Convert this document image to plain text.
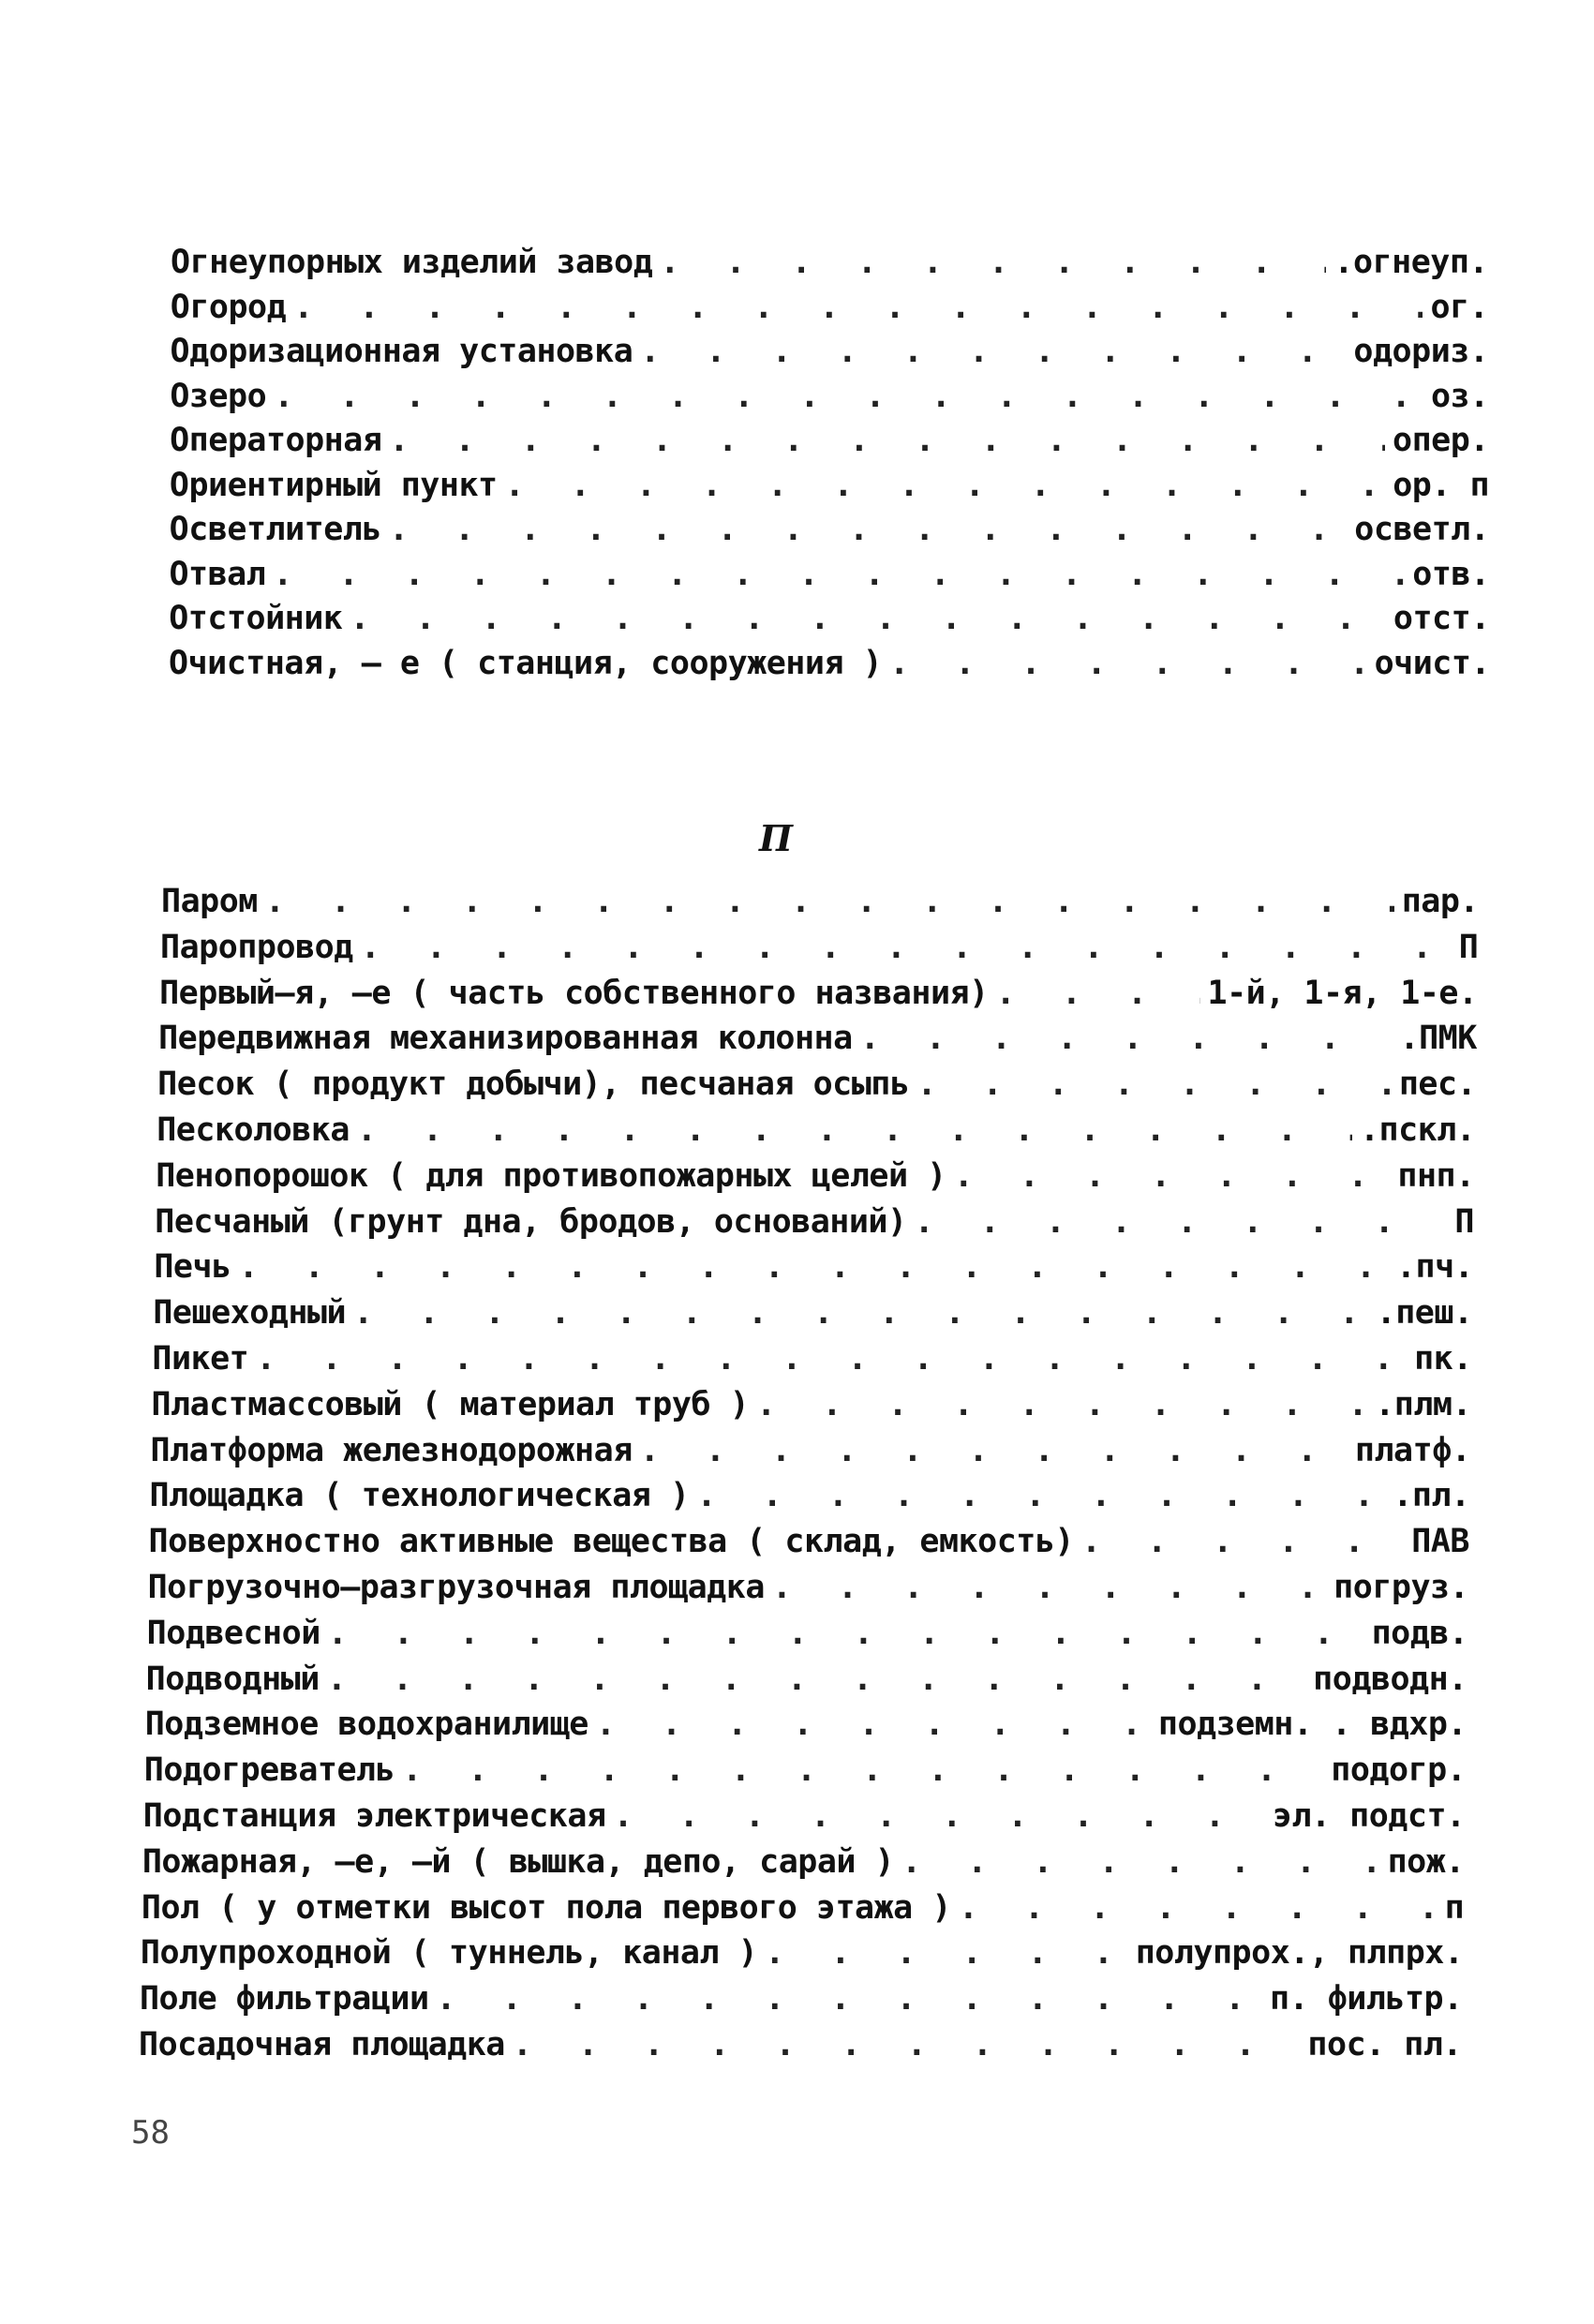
Огнеупорных изделий завод . . .	.огнеуп.
Огород . . .	ог.
Одоризационная установка . . .	одориз.
Озеро . . .	оз.
Операторная . . .	опер.
Ориентирный пункт . . .	ор. п
Осветлитель . . .	осветл.
Отвал . . .	отв.
Отстойник . . .	отст.
Очистная, – е ( станция, сооружения ) . . .	очист.
П
Паром . . .	пар.
Паропровод . . .	П
Первый–я, –е ( часть собственного названия) . . .	1-й, 1-я, 1-е.
Передвижная механизированная колонна . . .	.ПМК
Песок ( продукт добычи), песчаная осыпь . . .	пес.
Песколовка . . .	.пскл.
Пенопорошок ( для противопожарных целей ) . . .	пнп.
Песчаный (грунт дна, бродов, оснований) . . .	П
Печь . . .	.пч.
Пешеходный . . .	.пеш.
Пикет . . .	пк.
Пластмассовый ( материал труб ) . . .	.плм.
Платформа железнодорожная . . .	платф.
Площадка ( технологическая ) . . .	.пл.
Поверхностно активные вещества ( склад, емкость) . . .	ПАВ
Погрузочно–разгрузочная площадка . . .	погруз.
Подвесной . . .	подв.
Подводный . . .	подводн.
Подземное водохранилище . . .	подземн. . вдхр.
Подогреватель . . .	подогр.
Подстанция электрическая . . .	эл. подст.
Пожарная, –е, –й ( вышка, депо, сарай ) . . .	пож.
Пол ( у отметки высот пола первого этажа ) . . .	п
Полупроходной ( туннель, канал ) . . .	полупрох., плпрх.
Поле фильтрации . . .	п. фильтр.
Посадочная площадка . . .	пос. пл.
58
